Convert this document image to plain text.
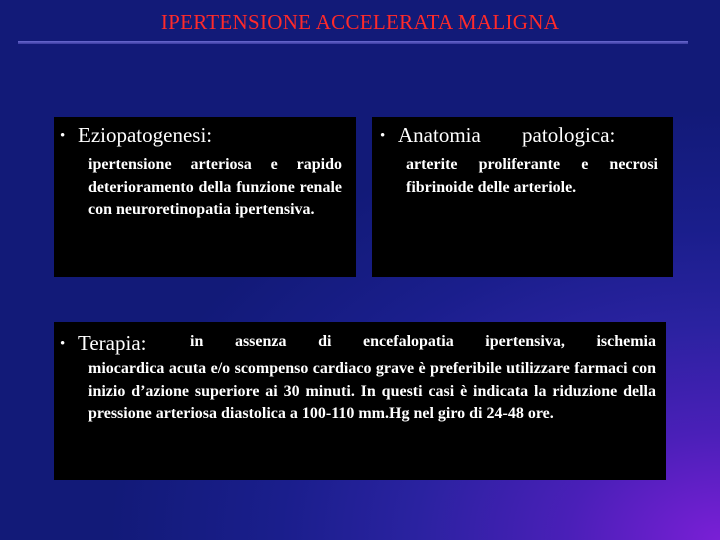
IPERTENSIONE ACCELERATA MALIGNA
• Eziopatogenesi:
ipertensione arteriosa e rapido deterioramento della funzione renale con neuroretinopatia ipertensiva.
• Anatomia patologica:
arterite proliferante e necrosi fibrinoide delle arteriole.
• Terapia:	in assenza di encefalopatia ipertensiva, ischemia
miocardica acuta e/o scompenso cardiaco grave è preferibile utilizzare farmaci con inizio d’azione superiore ai 30 minuti. In questi casi è indicata la riduzione della pressione arteriosa diastolica a 100-110 mm.Hg nel giro di 24-48 ore.
